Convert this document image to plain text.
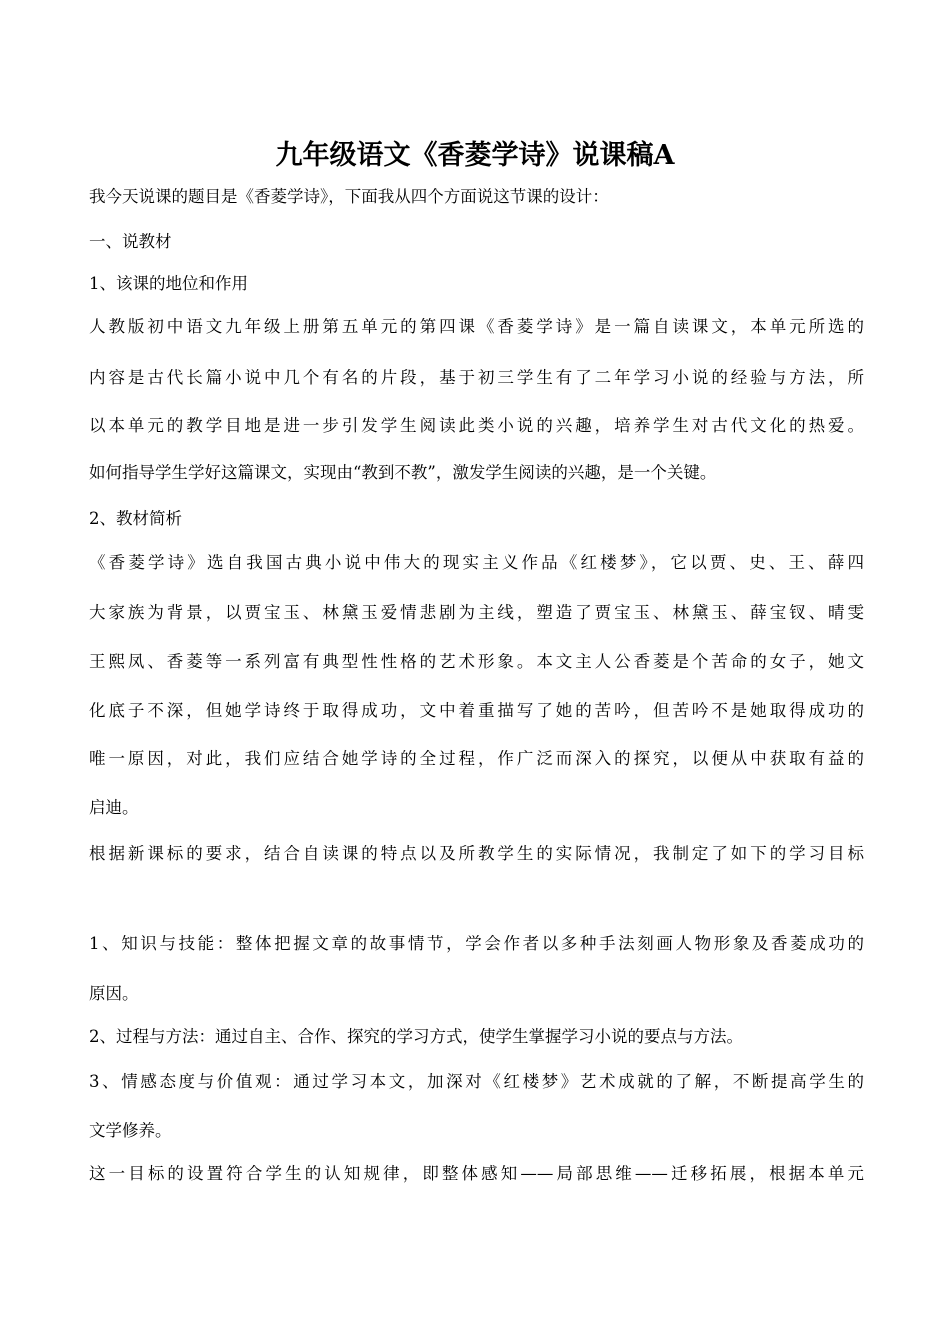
九年级语文《香菱学诗》说课稿A
我今天说课的题目是《香菱学诗》，下面我从四个方面说这节课的设计：
一、说教材
1、该课的地位和作用
人教版初中语文九年级上册第五单元的第四课《香菱学诗》是一篇自读课文，本单元所选的
内容是古代长篇小说中几个有名的片段，基于初三学生有了二年学习小说的经验与方法，所
以本单元的教学目地是进一步引发学生阅读此类小说的兴趣，培养学生对古代文化的热爱。
如何指导学生学好这篇课文，实现由“教到不教”，激发学生阅读的兴趣，是一个关键。
2、教材简析
《香菱学诗》选自我国古典小说中伟大的现实主义作品《红楼梦》，它以贾、史、王、薛四
大家族为背景，以贾宝玉、林黛玉爱情悲剧为主线，塑造了贾宝玉、林黛玉、薛宝钗、晴雯
王熙凤、香菱等一系列富有典型性性格的艺术形象。本文主人公香菱是个苦命的女子，她文
化底子不深，但她学诗终于取得成功，文中着重描写了她的苦吟，但苦吟不是她取得成功的
唯一原因，对此，我们应结合她学诗的全过程，作广泛而深入的探究，以便从中获取有益的
启迪。
根据新课标的要求，结合自读课的特点以及所教学生的实际情况，我制定了如下的学习目标
1、知识与技能：整体把握文章的故事情节，学会作者以多种手法刻画人物形象及香菱成功的
原因。
2、过程与方法：通过自主、合作、探究的学习方式，使学生掌握学习小说的要点与方法。
3、情感态度与价值观：通过学习本文，加深对《红楼梦》艺术成就的了解，不断提高学生的
文学修养。
这一目标的设置符合学生的认知规律，即整体感知——局部思维——迁移拓展，根据本单元
